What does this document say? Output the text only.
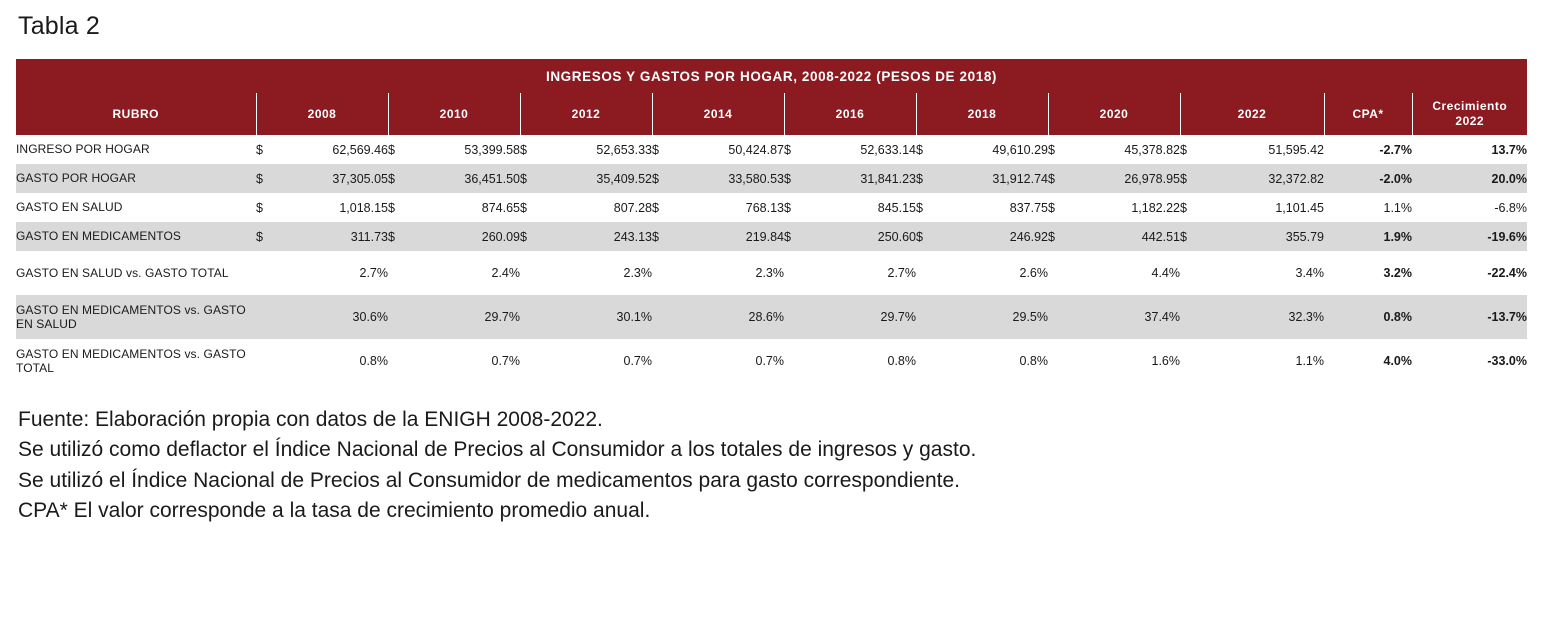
Tabla 2
INGRESOS Y GASTOS POR HOGAR, 2008-2022 (PESOS DE 2018)																		
RUBRO	2008		2010		2012		2014		2016		2018		2020		2022		CPA*	Crecimiento
2022
INGRESO POR HOGAR	$	62,569.46	$	53,399.58	$	52,653.33	$	50,424.87	$	52,633.14	$	49,610.29	$	45,378.82	$	51,595.42	-2.7%	13.7%
GASTO POR HOGAR	$	37,305.05	$	36,451.50	$	35,409.52	$	33,580.53	$	31,841.23	$	31,912.74	$	26,978.95	$	32,372.82	-2.0%	20.0%
GASTO EN SALUD	$	1,018.15	$	874.65	$	807.28	$	768.13	$	845.15	$	837.75	$	1,182.22	$	1,101.45	1.1%	-6.8%
GASTO EN MEDICAMENTOS	$	311.73	$	260.09	$	243.13	$	219.84	$	250.60	$	246.92	$	442.51	$	355.79	1.9%	-19.6%
GASTO EN SALUD vs. GASTO TOTAL	2.7%		2.4%		2.3%		2.3%		2.7%		2.6%		4.4%		3.4%		3.2%	-22.4%
GASTO EN MEDICAMENTOS vs. GASTO EN SALUD	30.6%		29.7%		30.1%		28.6%		29.7%		29.5%		37.4%		32.3%		0.8%	-13.7%
GASTO EN MEDICAMENTOS vs. GASTO TOTAL	0.8%		0.7%		0.7%		0.7%		0.8%		0.8%		1.6%		1.1%		4.0%	-33.0%
Fuente: Elaboración propia con datos de la ENIGH 2008-2022.
Se utilizó como deflactor el Índice Nacional de Precios al Consumidor a los totales de ingresos y gasto.
Se utilizó el Índice Nacional de Precios al Consumidor de medicamentos para gasto correspondiente.
CPA* El valor corresponde a la tasa de crecimiento promedio anual.
